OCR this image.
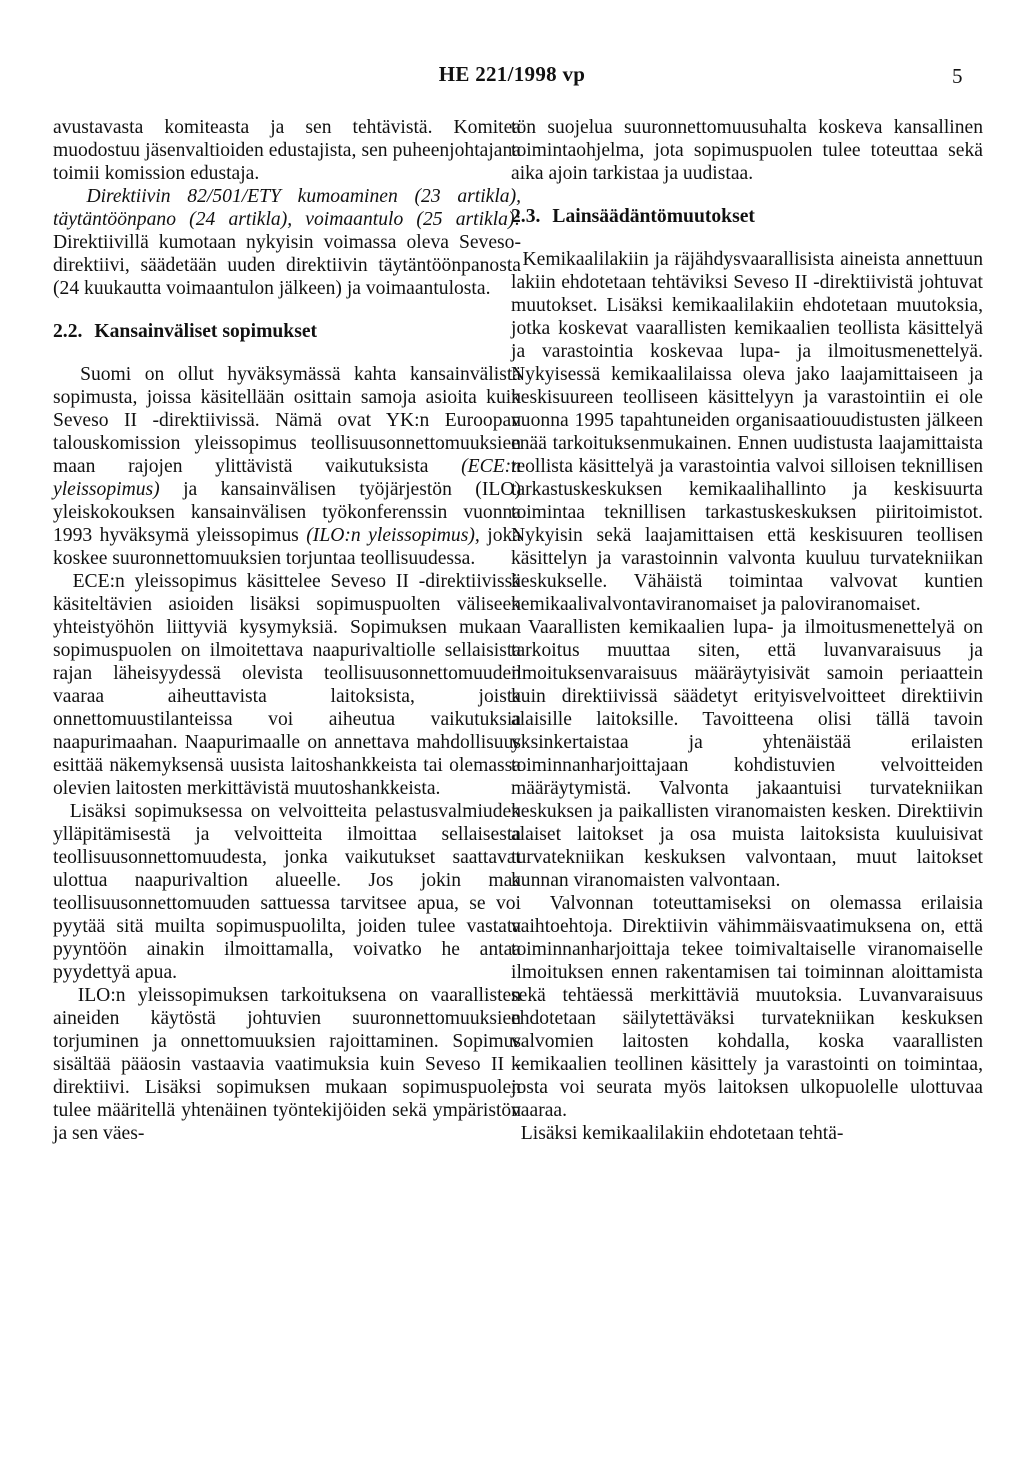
HE 221/1998 vp	5

avustavasta komiteasta ja sen tehtävistä. Komitea muodostuu jäsenvaltioiden edustajista, sen puheenjohtajana toimii komission edustaja.

Direktiivin 82/501/ETY kumoaminen (23 artikla), täytäntöönpano (24 artikla), voimaantulo (25 artikla): Direktiivillä kumotaan nykyisin voimassa oleva Seveso-direktiivi, säädetään uuden direktiivin täytäntöönpanosta (24 kuukautta voimaantulon jälkeen) ja voimaantulosta.

2.2. Kansainväliset sopimukset

Suomi on ollut hyväksymässä kahta kansainvälistä sopimusta, joissa käsitellään osittain samoja asioita kuin Seveso II -direktiivissä. Nämä ovat YK:n Euroopan talouskomission yleissopimus teollisuusonnettomuuksien maan rajojen ylittävistä vaikutuksista (ECE:n yleissopimus) ja kansainvälisen työjärjestön (ILO) yleiskokouksen kansainvälisen työkonferenssin vuonna 1993 hyväksymä yleissopimus (ILO:n yleissopimus), joka koskee suuronnettomuuksien torjuntaa teollisuudessa.

ECE:n yleissopimus käsittelee Seveso II -direktiivissä käsiteltävien asioiden lisäksi sopimuspuolten väliseen yhteistyöhön liittyviä kysymyksiä. Sopimuksen mukaan sopimuspuolen on ilmoitettava naapurivaltiolle sellaisista rajan läheisyydessä olevista teollisuusonnettomuuden vaaraa aiheuttavista laitoksista, joista onnettomuustilanteissa voi aiheutua vaikutuksia naapurimaahan. Naapurimaalle on annettava mahdollisuus esittää näkemyksensä uusista laitoshankkeista tai olemassa olevien laitosten merkittävistä muutoshankkeista.

Lisäksi sopimuksessa on velvoitteita pelastusvalmiuden ylläpitämisestä ja velvoitteita ilmoittaa sellaisesta teollisuusonnettomuudesta, jonka vaikutukset saattavat ulottua naapurivaltion alueelle. Jos jokin maa teollisuusonnettomuuden sattuessa tarvitsee apua, se voi pyytää sitä muilta sopimuspuolilta, joiden tulee vastata pyyntöön ainakin ilmoittamalla, voivatko he antaa pyydettyä apua.

ILO:n yleissopimuksen tarkoituksena on vaarallisten aineiden käytöstä johtuvien suuronnettomuuksien torjuminen ja onnettomuuksien rajoittaminen. Sopimus sisältää pääosin vastaavia vaatimuksia kuin Seveso II -direktiivi. Lisäksi sopimuksen mukaan sopimuspuolen tulee määritellä yhtenäinen työntekijöiden sekä ympäristön ja sen väes-

tön suojelua suuronnettomuusuhalta koskeva kansallinen toimintaohjelma, jota sopimuspuolen tulee toteuttaa sekä aika ajoin tarkistaa ja uudistaa.

2.3. Lainsäädäntömuutokset

Kemikaalilakiin ja räjähdysvaarallisista aineista annettuun lakiin ehdotetaan tehtäviksi Seveso II -direktiivistä johtuvat muutokset. Lisäksi kemikaalilakiin ehdotetaan muutoksia, jotka koskevat vaarallisten kemikaalien teollista käsittelyä ja varastointia koskevaa lupa- ja ilmoitusmenettelyä. Nykyisessä kemikaalilaissa oleva jako laajamittaiseen ja keskisuureen teolliseen käsittelyyn ja varastointiin ei ole vuonna 1995 tapahtuneiden organisaatiouudistusten jälkeen enää tarkoituksenmukainen. Ennen uudistusta laajamittaista teollista käsittelyä ja varastointia valvoi silloisen teknillisen tarkastuskeskuksen kemikaalihallinto ja keskisuurta toimintaa teknillisen tarkastuskeskuksen piiritoimistot. Nykyisin sekä laajamittaisen että keskisuuren teollisen käsittelyn ja varastoinnin valvonta kuuluu turvatekniikan keskukselle. Vähäistä toimintaa valvovat kuntien kemikaalivalvontaviranomaiset ja paloviranomaiset.

Vaarallisten kemikaalien lupa- ja ilmoitusmenettelyä on tarkoitus muuttaa siten, että luvanvaraisuus ja ilmoituksenvaraisuus määräytyisivät samoin periaattein kuin direktiivissä säädetyt erityisvelvoitteet direktiivin alaisille laitoksille. Tavoitteena olisi tällä tavoin yksinkertaistaa ja yhtenäistää erilaisten toiminnanharjoittajaan kohdistuvien velvoitteiden määräytymistä. Valvonta jakaantuisi turvatekniikan keskuksen ja paikallisten viranomaisten kesken. Direktiivin alaiset laitokset ja osa muista laitoksista kuuluisivat turvatekniikan keskuksen valvontaan, muut laitokset kunnan viranomaisten valvontaan.

Valvonnan toteuttamiseksi on olemassa erilaisia vaihtoehtoja. Direktiivin vähimmäisvaatimuksena on, että toiminnanharjoittaja tekee toimivaltaiselle viranomaiselle ilmoituksen ennen rakentamisen tai toiminnan aloittamista sekä tehtäessä merkittäviä muutoksia. Luvanvaraisuus ehdotetaan säilytettäväksi turvatekniikan keskuksen valvomien laitosten kohdalla, koska vaarallisten kemikaalien teollinen käsittely ja varastointi on toimintaa, josta voi seurata myös laitoksen ulkopuolelle ulottuvaa vaaraa.

Lisäksi kemikaalilakiin ehdotetaan tehtä-
